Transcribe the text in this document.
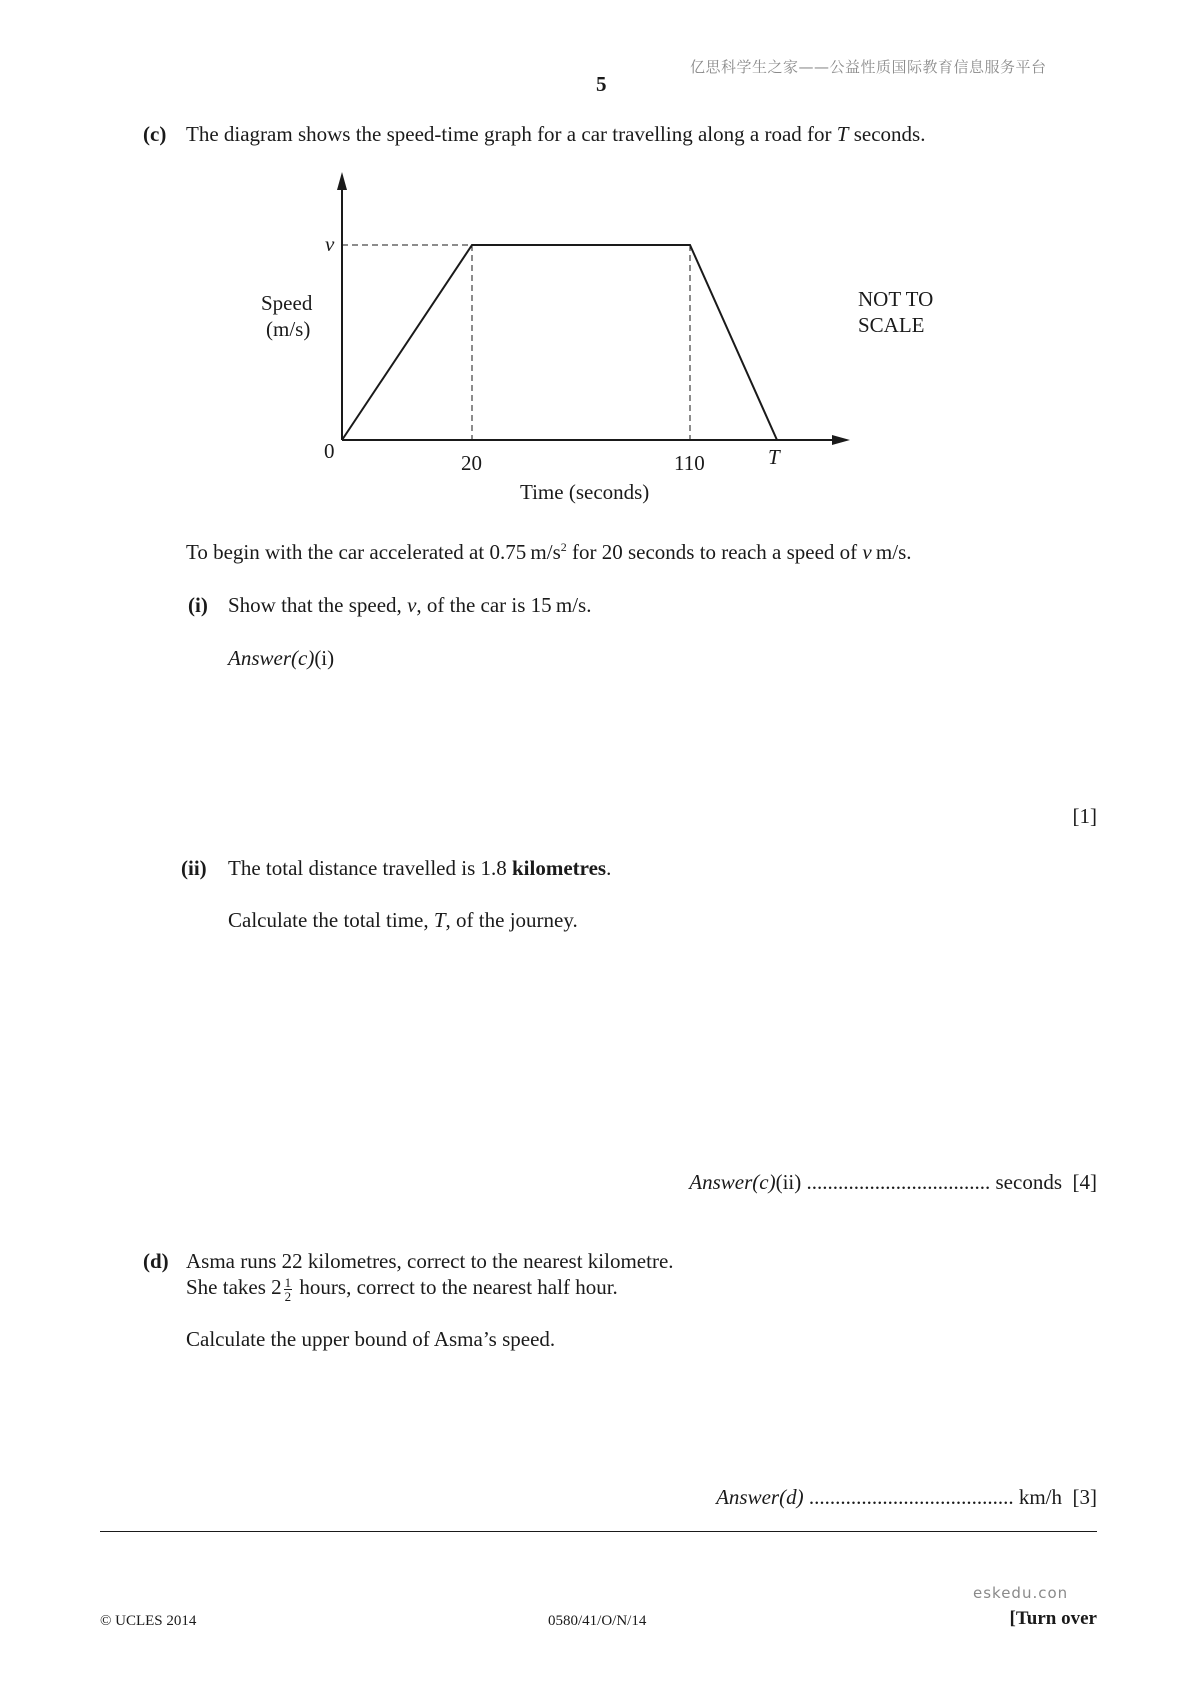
亿思科学生之家——公益性质国际教育信息服务平台
5
(c) The diagram shows the speed-time graph for a car travelling along a road for T seconds.
Speed
(m/s)
v
0	20	110	T
Time (seconds)
NOT TO
SCALE
To begin with the car accelerated at 0.75 $m/s^2$ for 20 seconds to reach a speed of v m/s.
(i) Show that the speed, v, of the car is 15 m/s.
Answer(c)(i)
[1]
(ii) The total distance travelled is 1.8 kilometres.
Calculate the total time, T, of the journey.
Answer(c)(ii) ................................... seconds [4]
(d) Asma runs 22 kilometres, correct to the nearest kilometre.
She takes $2 \frac{1}{2}$ hours, correct to the nearest half hour.
Calculate the upper bound of Asma’s speed.
Answer(d) ....................................... km/h [3]
eskedu.con
© UCLES 2014	0580/41/O/N/14	[Turn over
